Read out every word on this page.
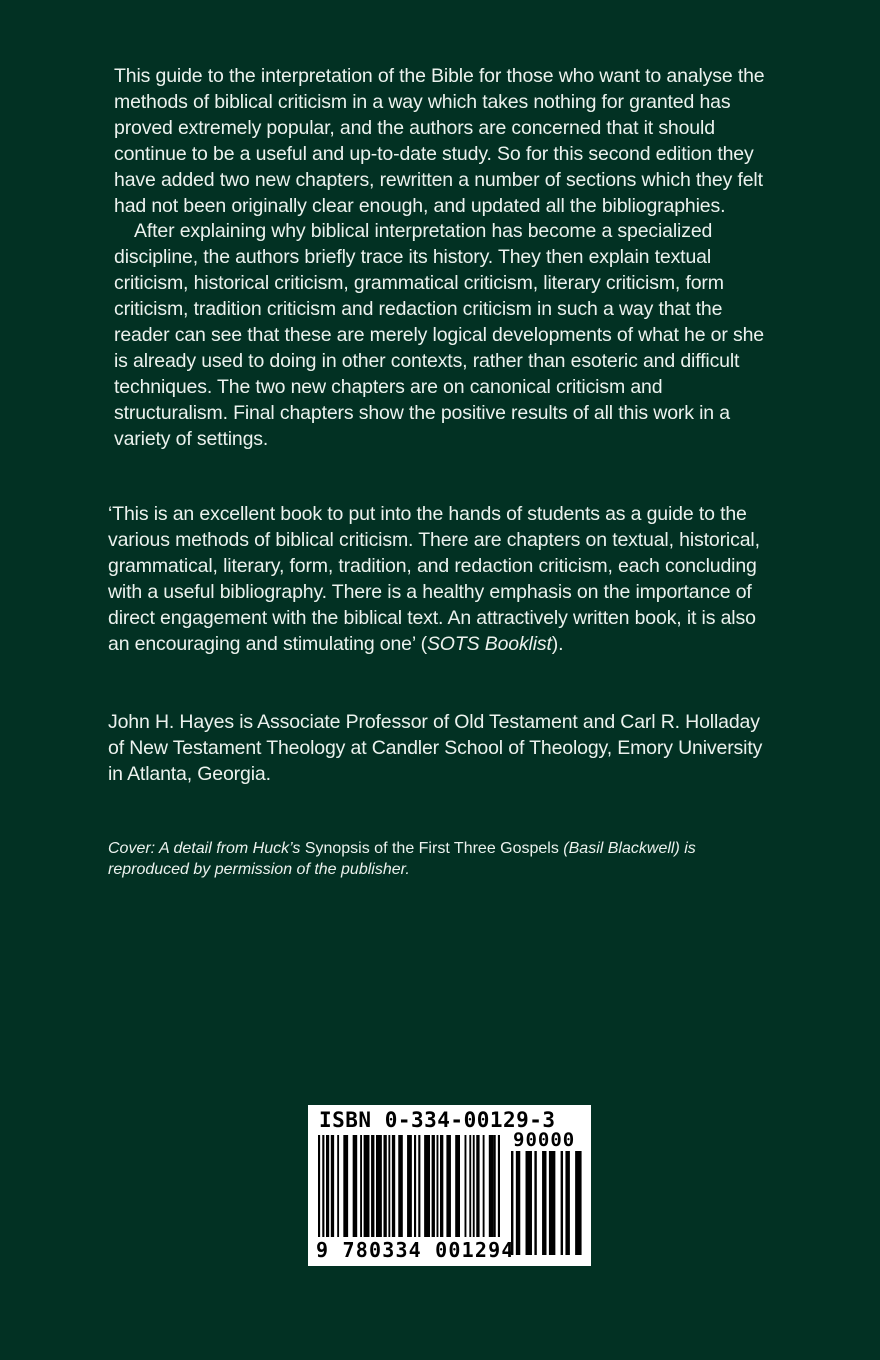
This guide to the interpretation of the Bible for those who want to analyse the methods of biblical criticism in a way which takes nothing for granted has proved extremely popular, and the authors are concerned that it should continue to be a useful and up-to-date study. So for this second edition they have added two new chapters, rewritten a number of sections which they felt had not been originally clear enough, and updated all the bibliographies.

After explaining why biblical interpretation has become a specialized discipline, the authors briefly trace its history. They then explain textual criticism, historical criticism, grammatical criticism, literary criticism, form criticism, tradition criticism and redaction criticism in such a way that the reader can see that these are merely logical developments of what he or she is already used to doing in other contexts, rather than esoteric and difficult techniques. The two new chapters are on canonical criticism and structuralism. Final chapters show the positive results of all this work in a variety of settings.

‘This is an excellent book to put into the hands of students as a guide to the various methods of biblical criticism. There are chapters on textual, historical, grammatical, literary, form, tradition, and redaction criticism, each concluding with a useful bibliography. There is a healthy emphasis on the importance of direct engagement with the biblical text. An attractively written book, it is also an encouraging and stimulating one’ (SOTS Booklist).

John H. Hayes is Associate Professor of Old Testament and Carl R. Holladay of New Testament Theology at Candler School of Theology, Emory University in Atlanta, Georgia.

Cover: A detail from Huck’s Synopsis of the First Three Gospels (Basil Blackwell) is reproduced by permission of the publisher.

ISBN 0-334-00129-3

90000

9 780334 001294
